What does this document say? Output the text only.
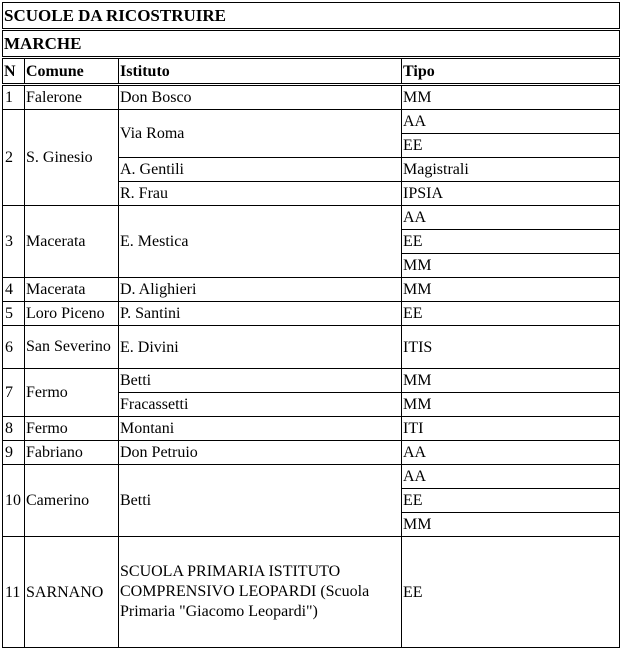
SCUOLE DA RICOSTRUIRE			
MARCHE			
N	Comune	Istituto	Tipo
1	Falerone	Don Bosco	MM
2	S. Ginesio	Via Roma	AA
			EE
		A. Gentili	Magistrali
		R. Frau	IPSIA
3	Macerata	E. Mestica	AA
			EE
			MM
4	Macerata	D. Alighieri	MM
5	Loro Piceno	P. Santini	EE
6	San Severino	E. Divini	ITIS
7	Fermo	Betti	MM
		Fracassetti	MM
8	Fermo	Montani	ITI
9	Fabriano	Don Petruio	AA
10	Camerino	Betti	AA
			EE
			MM
11	SARNANO	SCUOLA PRIMARIA ISTITUTO COMPRENSIVO LEOPARDI (Scuola Primaria "Giacomo Leopardi")	EE
